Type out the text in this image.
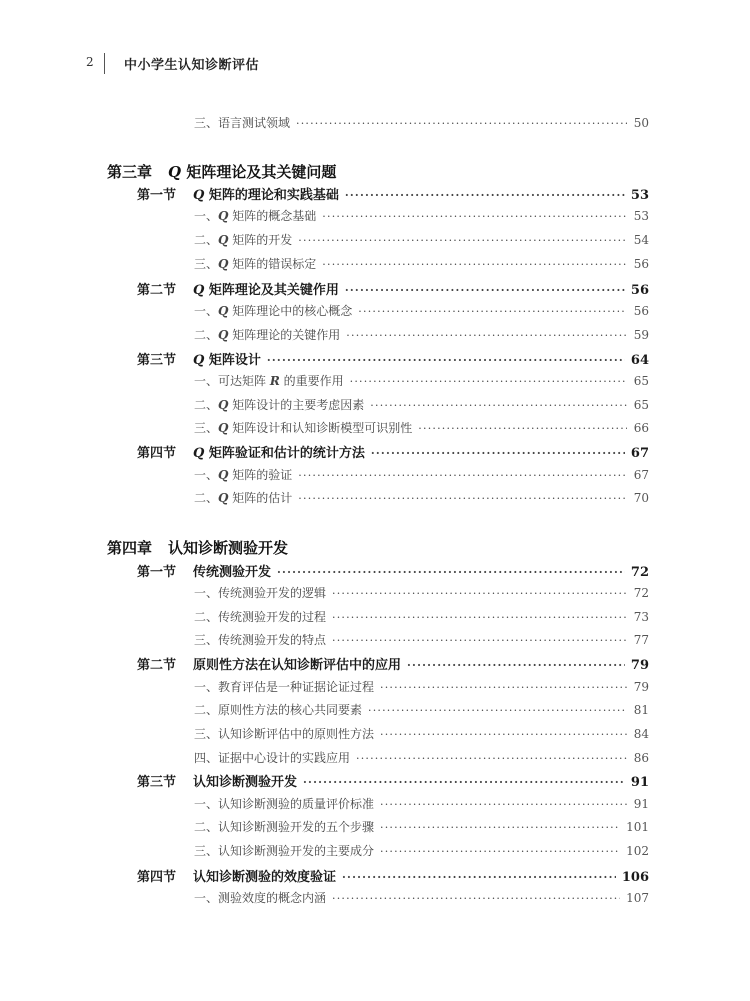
2 中小学生认知诊断评估
三、语言测试领域 ·····	50
第三章 Q 矩阵理论及其关键问题
第一节 Q 矩阵的理论和实践基础 ·····	53
一、Q 矩阵的概念基础 ·····	53
二、Q 矩阵的开发 ·····	54
三、Q 矩阵的错误标定 ·····	56
第二节 Q 矩阵理论及其关键作用 ·····	56
一、Q 矩阵理论中的核心概念 ·····	56
二、Q 矩阵理论的关键作用 ·····	59
第三节 Q 矩阵设计 ·····	64
一、可达矩阵 R 的重要作用 ·····	65
二、Q 矩阵设计的主要考虑因素 ·····	65
三、Q 矩阵设计和认知诊断模型可识别性 ·····	66
第四节 Q 矩阵验证和估计的统计方法 ·····	67
一、Q 矩阵的验证 ·····	67
二、Q 矩阵的估计 ·····	70
第四章 认知诊断测验开发
第一节 传统测验开发 ·····	72
一、传统测验开发的逻辑 ·····	72
二、传统测验开发的过程 ·····	73
三、传统测验开发的特点 ·····	77
第二节 原则性方法在认知诊断评估中的应用 ·····	79
一、教育评估是一种证据论证过程 ·····	79
二、原则性方法的核心共同要素 ·····	81
三、认知诊断评估中的原则性方法 ·····	84
四、证据中心设计的实践应用 ·····	86
第三节 认知诊断测验开发 ·····	91
一、认知诊断测验的质量评价标准 ·····	91
二、认知诊断测验开发的五个步骤 ·····	101
三、认知诊断测验开发的主要成分 ·····	102
第四节 认知诊断测验的效度验证 ·····	106
一、测验效度的概念内涵 ·····	107
